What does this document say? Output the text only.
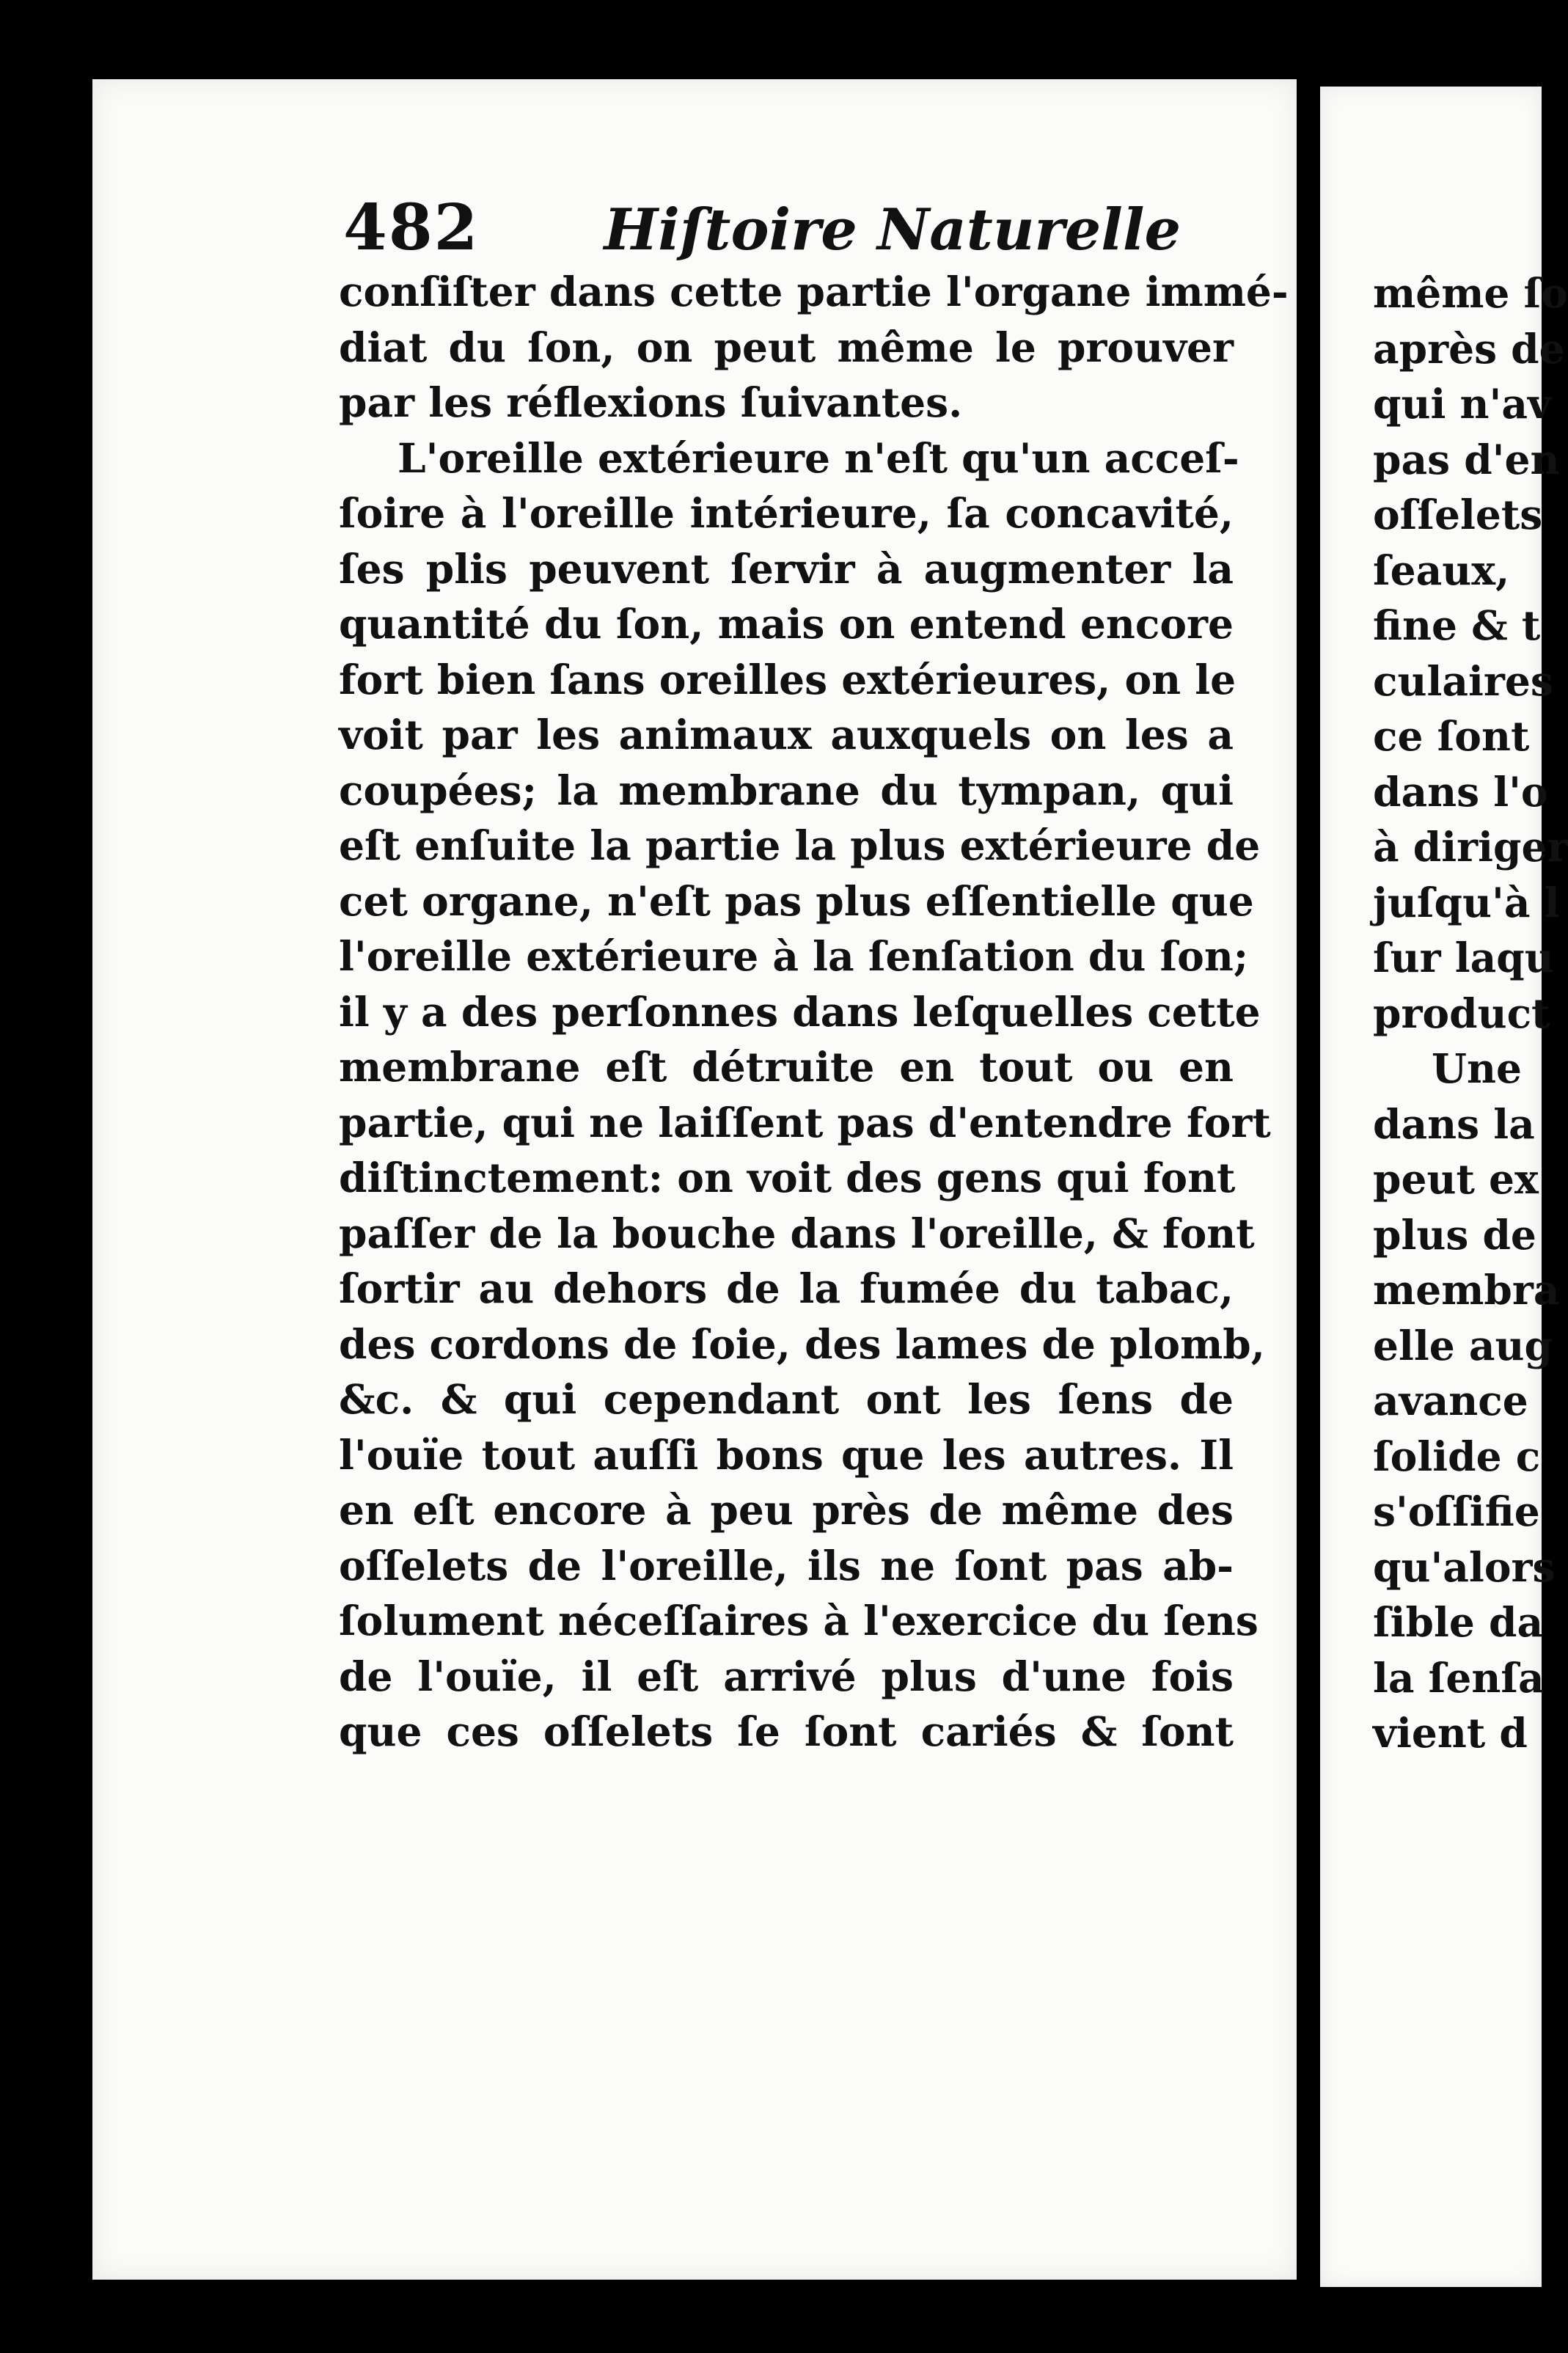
482 Hiſtoire Naturelle
conſiſter dans cette partie l'organe immé-
diat du ſon, on peut même le prouver
par les réflexions ſuivantes.
L'oreille extérieure n'eſt qu'un acceſ-
ſoire à l'oreille intérieure, ſa concavité,
ſes plis peuvent ſervir à augmenter la
quantité du ſon, mais on entend encore
fort bien ſans oreilles extérieures, on le
voit par les animaux auxquels on les a
coupées; la membrane du tympan, qui
eſt enſuite la partie la plus extérieure de
cet organe, n'eſt pas plus eſſentielle que
l'oreille extérieure à la ſenſation du ſon;
il y a des perſonnes dans leſquelles cette
membrane eſt détruite en tout ou en
partie, qui ne laiſſent pas d'entendre fort
diſtinctement: on voit des gens qui font
paſſer de la bouche dans l'oreille, & font
ſortir au dehors de la fumée du tabac,
des cordons de ſoie, des lames de plomb,
&c. & qui cependant ont les ſens de
l'ouïe tout auſſi bons que les autres. Il
en eſt encore à peu près de même des
oſſelets de l'oreille, ils ne ſont pas ab-
ſolument néceſſaires à l'exercice du ſens
de l'ouïe, il eſt arrivé plus d'une fois
que ces oſſelets ſe ſont cariés & ſont
même ſo
après de
qui n'av
pas d'en
oſſelets
ſeaux,
fine & t
culaires
ce ſont
dans l'o
à diriger
juſqu'à l
ſur laqu
product
Une
dans la
peut ex
plus de
membra
elle aug
avance
ſolide c
s'oſſifie
qu'alors
ſible da
la ſenſa
vient d
